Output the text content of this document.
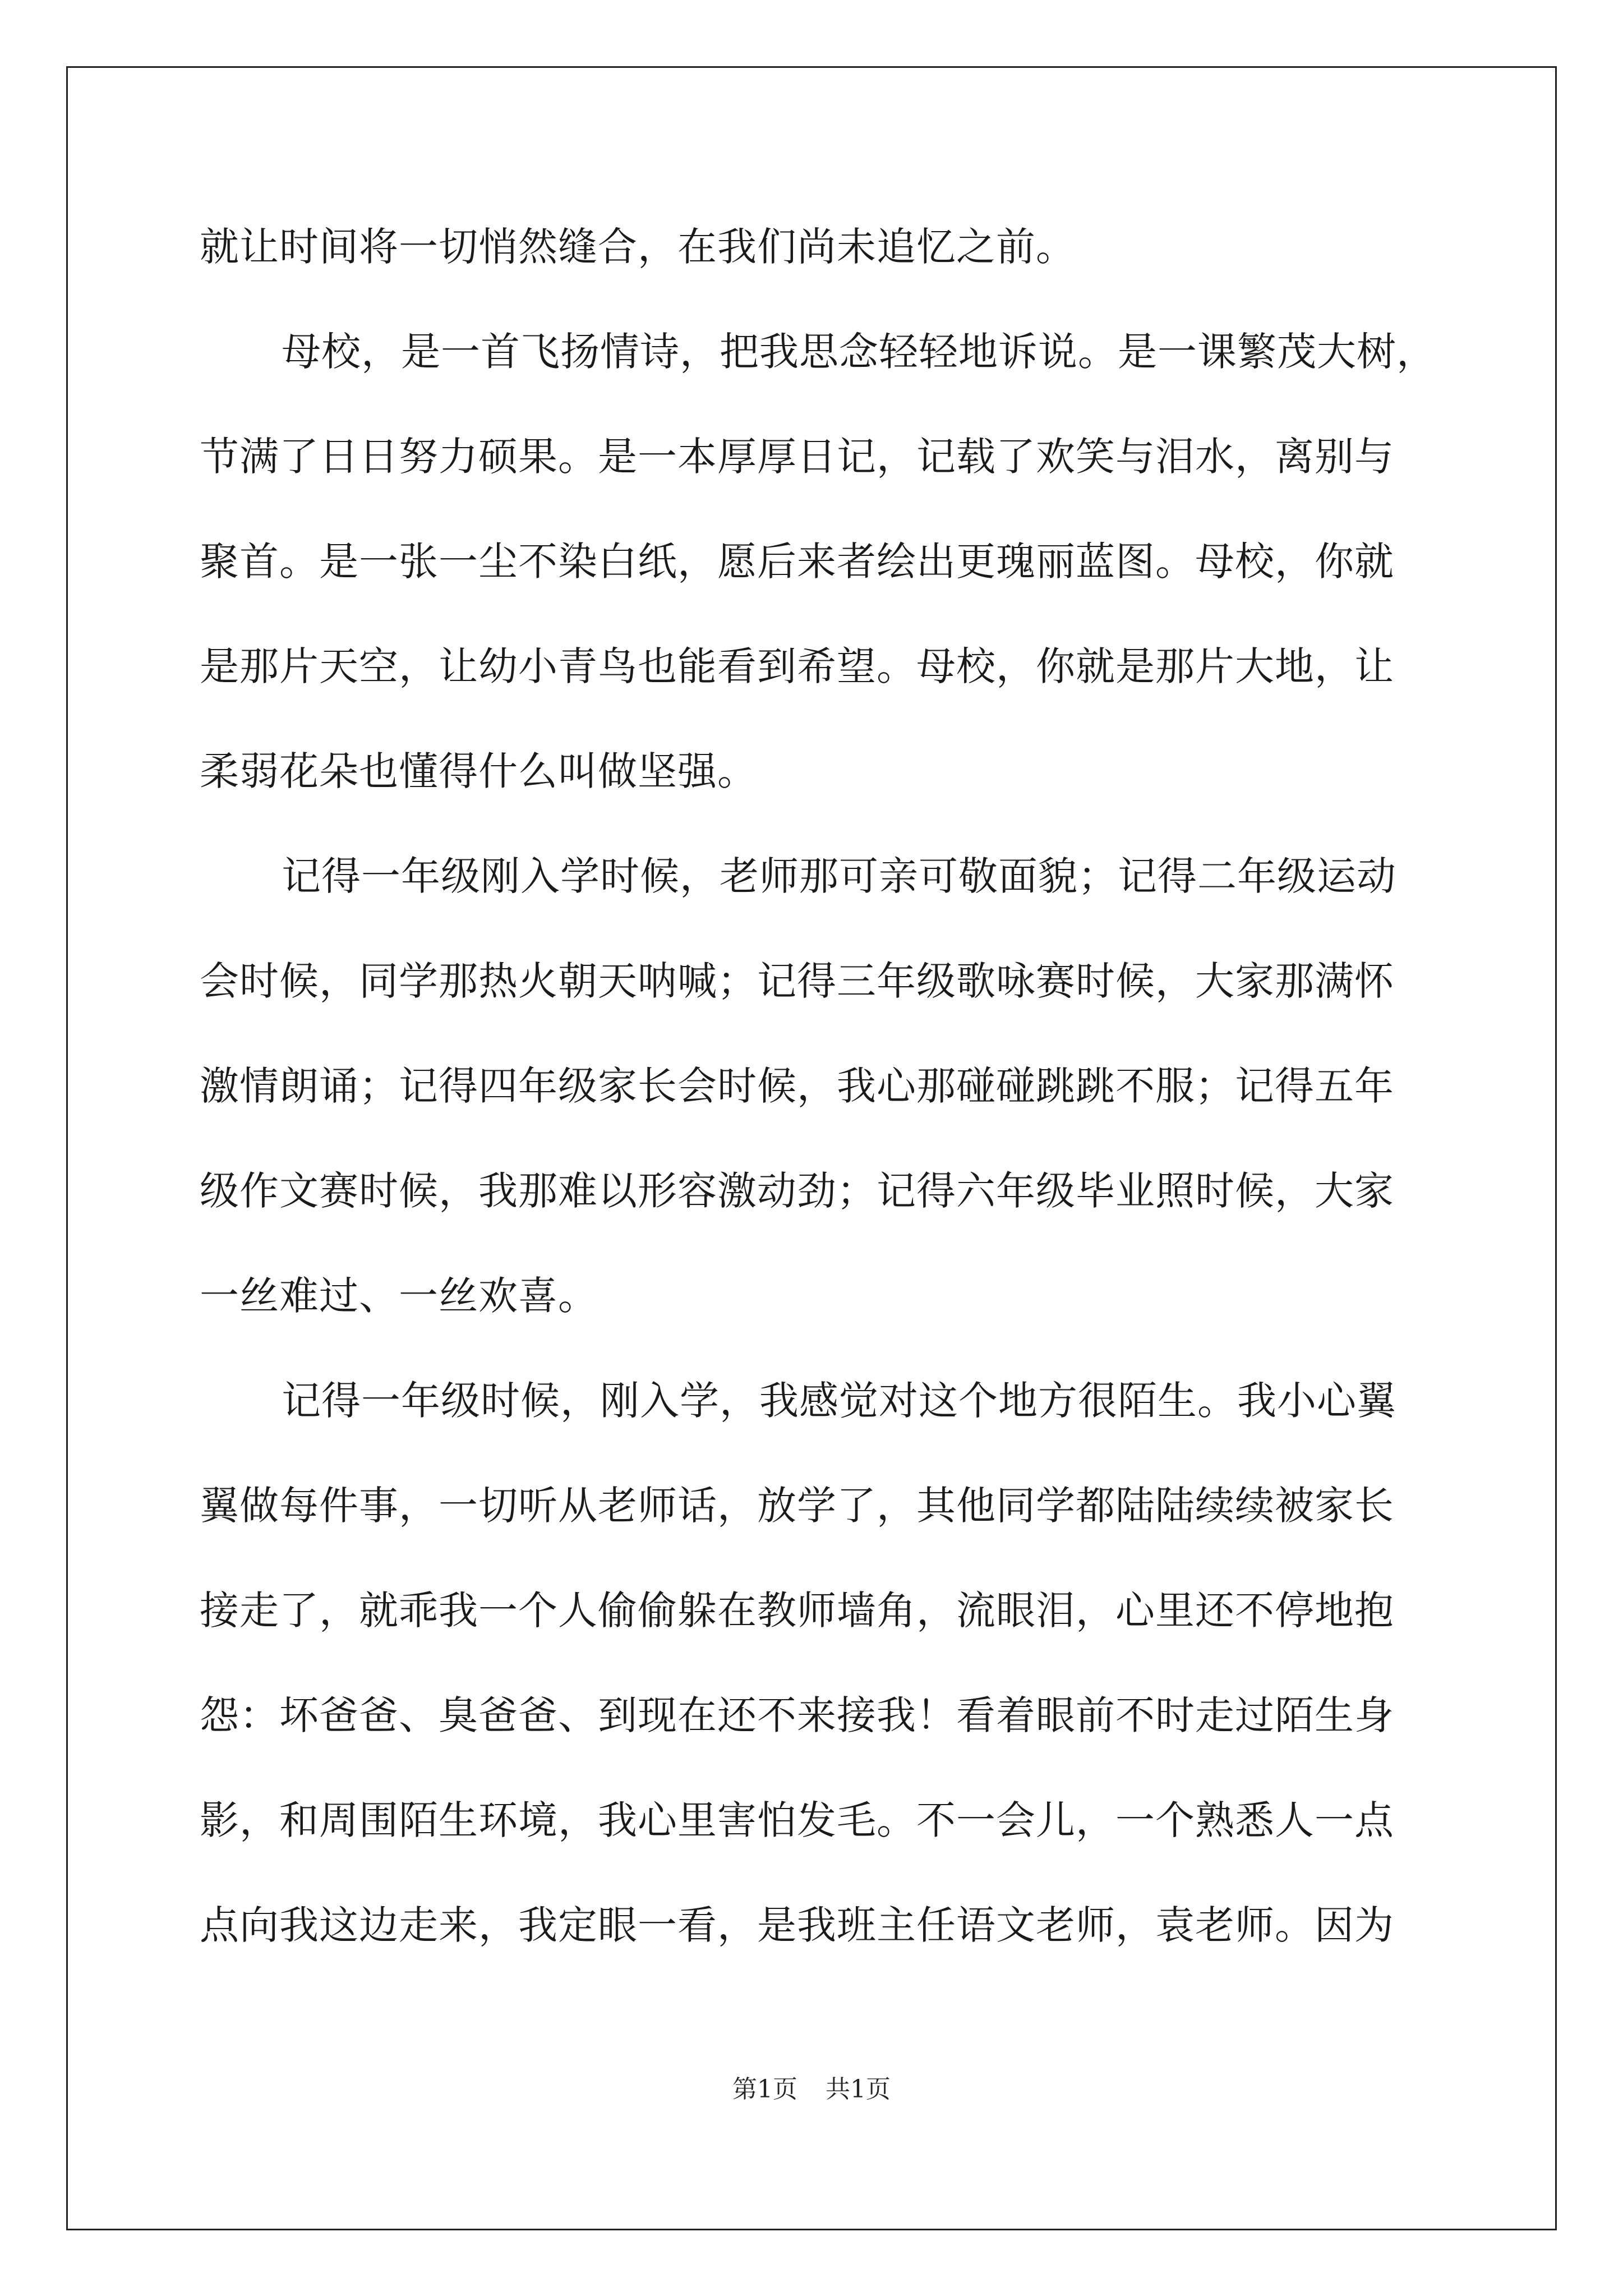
就让时间将一切悄然缝合，在我们尚未追忆之前。
母校，是一首飞扬情诗，把我思念轻轻地诉说。是一课繁茂大树，
节满了日日努力硕果。是一本厚厚日记，记载了欢笑与泪水，离别与
聚首。是一张一尘不染白纸，愿后来者绘出更瑰丽蓝图。母校，你就
是那片天空，让幼小青鸟也能看到希望。母校，你就是那片大地，让
柔弱花朵也懂得什么叫做坚强。
记得一年级刚入学时候，老师那可亲可敬面貌；记得二年级运动
会时候，同学那热火朝天呐喊；记得三年级歌咏赛时候，大家那满怀
激情朗诵；记得四年级家长会时候，我心那碰碰跳跳不服；记得五年
级作文赛时候，我那难以形容激动劲；记得六年级毕业照时候，大家
一丝难过、一丝欢喜。
记得一年级时候，刚入学，我感觉对这个地方很陌生。我小心翼
翼做每件事，一切听从老师话，放学了，其他同学都陆陆续续被家长
接走了，就乖我一个人偷偷躲在教师墙角，流眼泪，心里还不停地抱
怨：坏爸爸、臭爸爸、到现在还不来接我！看着眼前不时走过陌生身
影，和周围陌生环境，我心里害怕发毛。不一会儿，一个熟悉人一点
点向我这边走来，我定眼一看，是我班主任语文老师，袁老师。因为
第1页 共1页
